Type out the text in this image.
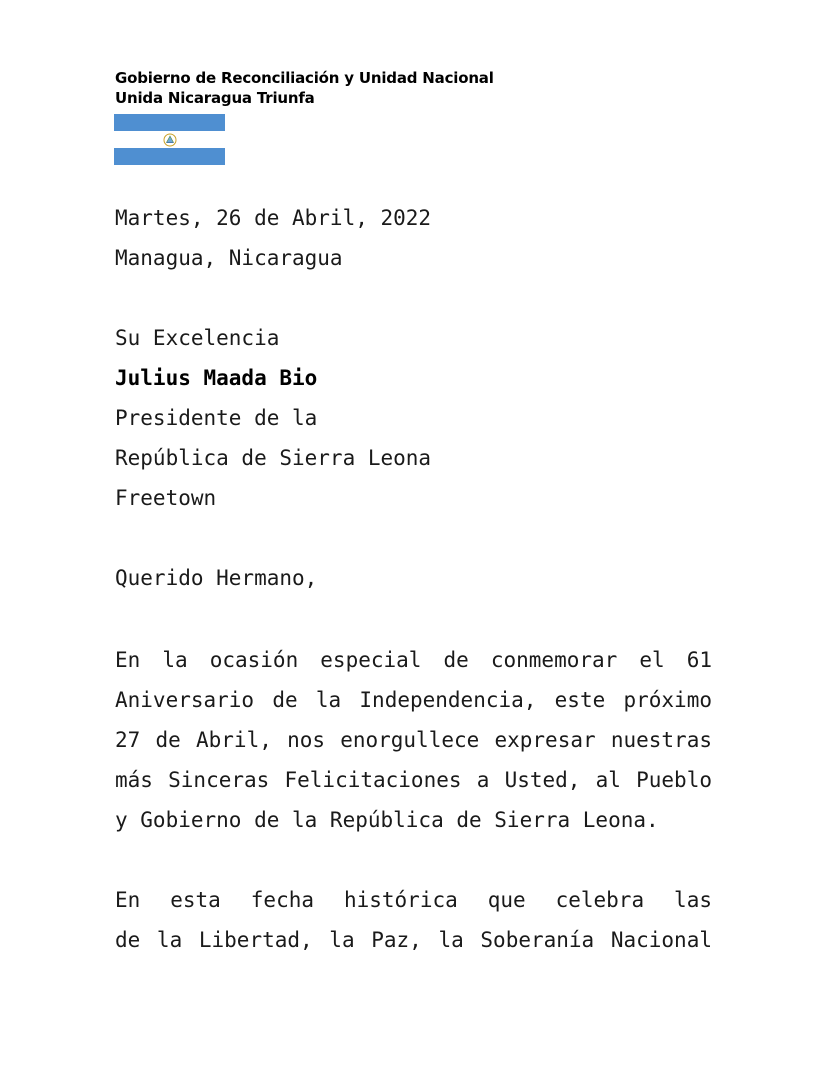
Gobierno de Reconciliación y Unidad Nacional
Unida Nicaragua Triunfa
Martes, 26 de Abril, 2022
Managua, Nicaragua
Su Excelencia
Julius Maada Bio
Presidente de la
República de Sierra Leona
Freetown
Querido Hermano,
En la ocasión especial de conmemorar el 61
Aniversario de la Independencia, este próximo
27 de Abril, nos enorgullece expresar nuestras
más Sinceras Felicitaciones a Usted, al Pueblo
y Gobierno de la República de Sierra Leona.
En esta fecha histórica que celebra las
de la Libertad, la Paz, la Soberanía Nacional
